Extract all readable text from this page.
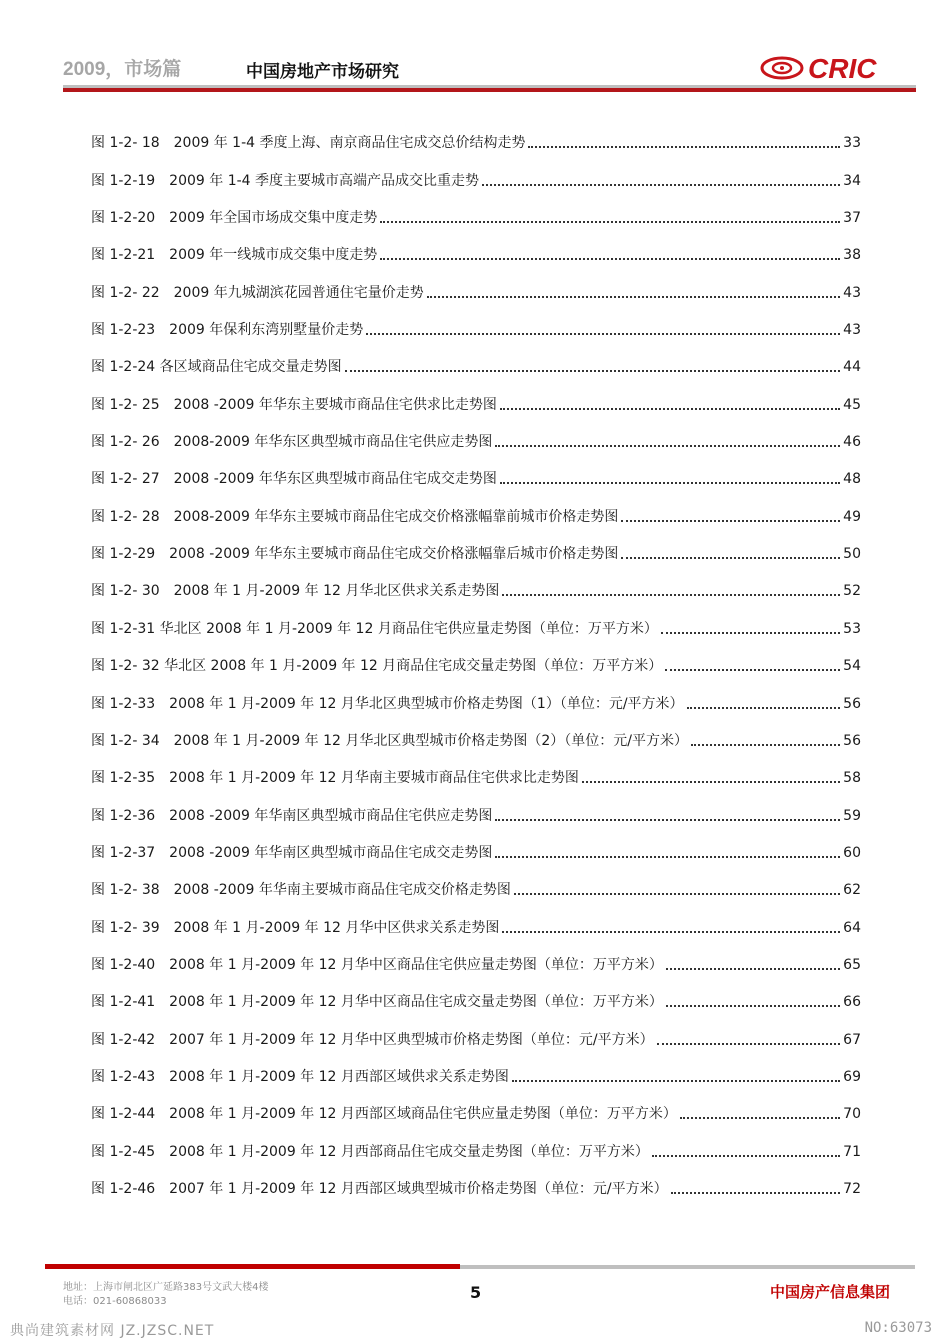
2009，市场篇	中国房地产市场研究	CRIC
图 1-2- 18　2009 年 1-4 季度上海、南京商品住宅成交总价结构走势	33
图 1-2-19　2009 年 1-4 季度主要城市高端产品成交比重走势	34
图 1-2-20　2009 年全国市场成交集中度走势	37
图 1-2-21　2009 年一线城市成交集中度走势	38
图 1-2- 22　2009 年九城湖滨花园普通住宅量价走势	43
图 1-2-23　2009 年保利东湾别墅量价走势	43
图 1-2-24 各区域商品住宅成交量走势图	44
图 1-2- 25　2008 -2009 年华东主要城市商品住宅供求比走势图	45
图 1-2- 26　2008-2009 年华东区典型城市商品住宅供应走势图	46
图 1-2- 27　2008 -2009 年华东区典型城市商品住宅成交走势图	48
图 1-2- 28　2008-2009 年华东主要城市商品住宅成交价格涨幅靠前城市价格走势图	49
图 1-2-29　2008 -2009 年华东主要城市商品住宅成交价格涨幅靠后城市价格走势图	50
图 1-2- 30　2008 年 1 月-2009 年 12 月华北区供求关系走势图	52
图 1-2-31 华北区 2008 年 1 月-2009 年 12 月商品住宅供应量走势图（单位：万平方米）	53
图 1-2- 32 华北区 2008 年 1 月-2009 年 12 月商品住宅成交量走势图（单位：万平方米）	54
图 1-2-33　2008 年 1 月-2009 年 12 月华北区典型城市价格走势图（1）（单位：元/平方米）	56
图 1-2- 34　2008 年 1 月-2009 年 12 月华北区典型城市价格走势图（2）（单位：元/平方米）	56
图 1-2-35　2008 年 1 月-2009 年 12 月华南主要城市商品住宅供求比走势图	58
图 1-2-36　2008 -2009 年华南区典型城市商品住宅供应走势图	59
图 1-2-37　2008 -2009 年华南区典型城市商品住宅成交走势图	60
图 1-2- 38　2008 -2009 年华南主要城市商品住宅成交价格走势图	62
图 1-2- 39　2008 年 1 月-2009 年 12 月华中区供求关系走势图	64
图 1-2-40　2008 年 1 月-2009 年 12 月华中区商品住宅供应量走势图（单位：万平方米）	65
图 1-2-41　2008 年 1 月-2009 年 12 月华中区商品住宅成交量走势图（单位：万平方米）	66
图 1-2-42　2007 年 1 月-2009 年 12 月华中区典型城市价格走势图（单位：元/平方米）	67
图 1-2-43　2008 年 1 月-2009 年 12 月西部区域供求关系走势图	69
图 1-2-44　2008 年 1 月-2009 年 12 月西部区域商品住宅供应量走势图（单位：万平方米）	70
图 1-2-45　2008 年 1 月-2009 年 12 月西部商品住宅成交量走势图（单位：万平方米）	71
图 1-2-46　2007 年 1 月-2009 年 12 月西部区域典型城市价格走势图（单位：元/平方米）	72
地址：上海市闸北区广延路383号文武大楼4楼
电话：021-60868033	5	中国房产信息集团
典尚建筑素材网 JZ.JZSC.NET	NO:63073
